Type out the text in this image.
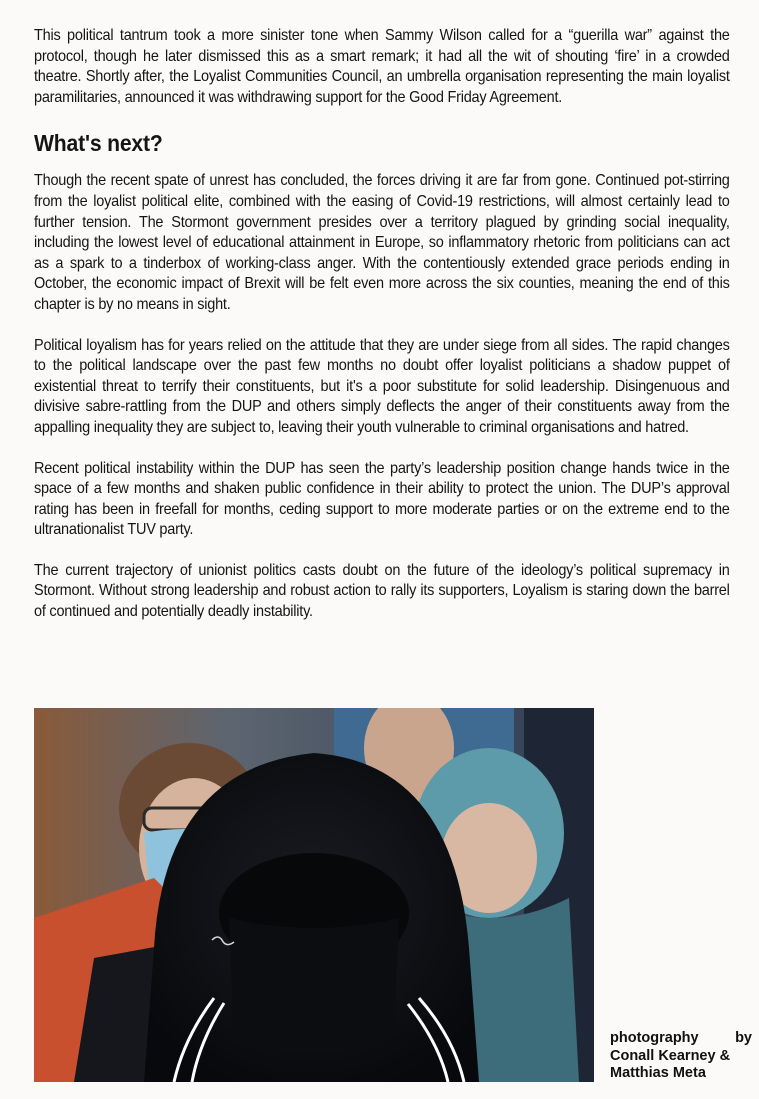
This political tantrum took a more sinister tone when Sammy Wilson called for a “guerilla war” against the protocol, though he later dismissed this as a smart remark; it had all the wit of shouting ‘fire’ in a crowded theatre. Shortly after, the Loyalist Communities Council, an umbrella organisation representing the main loyalist paramilitaries, announced it was withdrawing support for the Good Friday Agreement.

What's next?

Though the recent spate of unrest has concluded, the forces driving it are far from gone. Continued pot-stirring from the loyalist political elite, combined with the easing of Covid-19 restrictions, will almost certainly lead to further tension. The Stormont government presides over a territory plagued by grinding social inequality, including the lowest level of educational attainment in Europe, so inflammatory rhetoric from politicians can act as a spark to a tinderbox of working-class anger. With the contentiously extended grace periods ending in October, the economic impact of Brexit will be felt even more across the six counties, meaning the end of this chapter is by no means in sight.

Political loyalism has for years relied on the attitude that they are under siege from all sides. The rapid changes to the political landscape over the past few months no doubt offer loyalist politicians a shadow puppet of existential threat to terrify their constituents, but it's a poor substitute for solid leadership. Disingenuous and divisive sabre-rattling from the DUP and others simply deflects the anger of their constituents away from the appalling inequality they are subject to, leaving their youth vulnerable to criminal organisations and hatred.

Recent political instability within the DUP has seen the party’s leadership position change hands twice in the space of a few months and shaken public confidence in their ability to protect the union. The DUP’s approval rating has been in freefall for months, ceding support to more moderate parties or on the extreme end to the ultranationalist TUV party.

The current trajectory of unionist politics casts doubt on the future of the ideology’s political supremacy in Stormont. Without strong leadership and robust action to rally its supporters, Loyalism is staring down the barrel of continued and potentially deadly instability.

photography	by
Conall Kearney &
Matthias Meta
